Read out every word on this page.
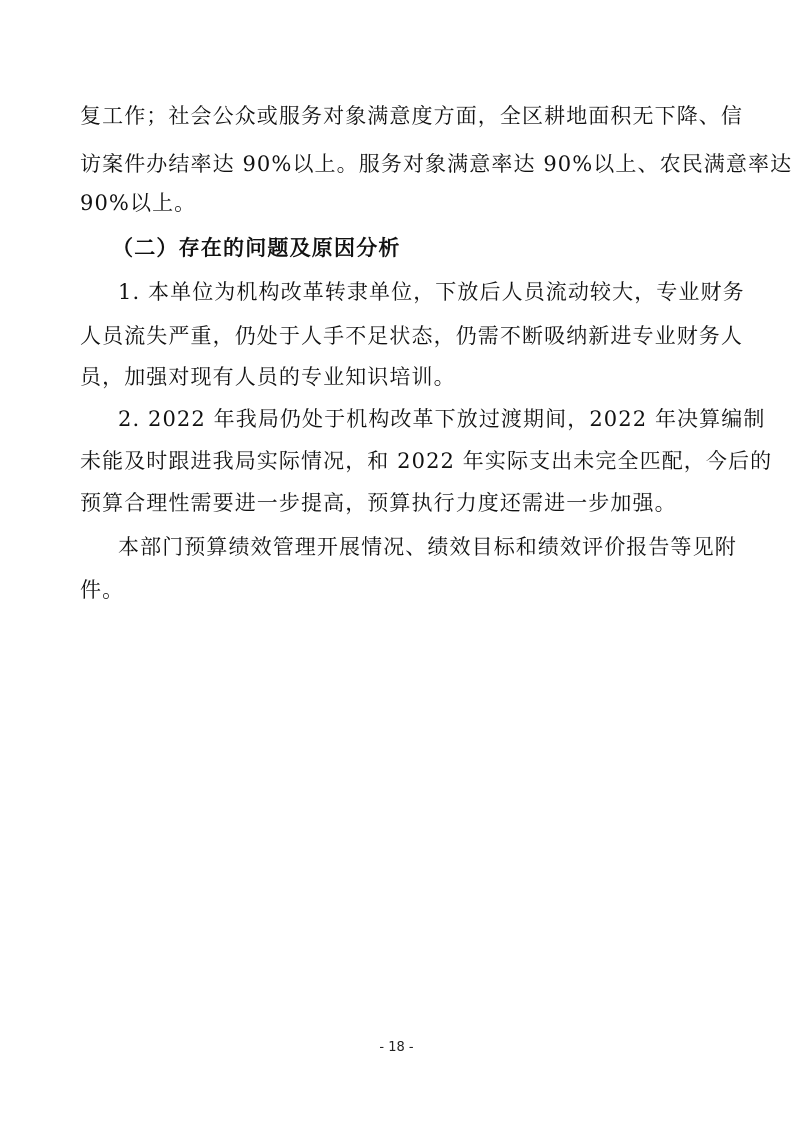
复工作；社会公众或服务对象满意度方面，全区耕地面积无下降、信
访案件办结率达 90%以上。服务对象满意率达 90%以上、农民满意率达
90%以上。
（二）存在的问题及原因分析
1. 本单位为机构改革转隶单位，下放后人员流动较大，专业财务
人员流失严重，仍处于人手不足状态，仍需不断吸纳新进专业财务人
员，加强对现有人员的专业知识培训。
2. 2022 年我局仍处于机构改革下放过渡期间，2022 年决算编制
未能及时跟进我局实际情况，和 2022 年实际支出未完全匹配，今后的
预算合理性需要进一步提高，预算执行力度还需进一步加强。
本部门预算绩效管理开展情况、绩效目标和绩效评价报告等见附
件。
- 18 -
